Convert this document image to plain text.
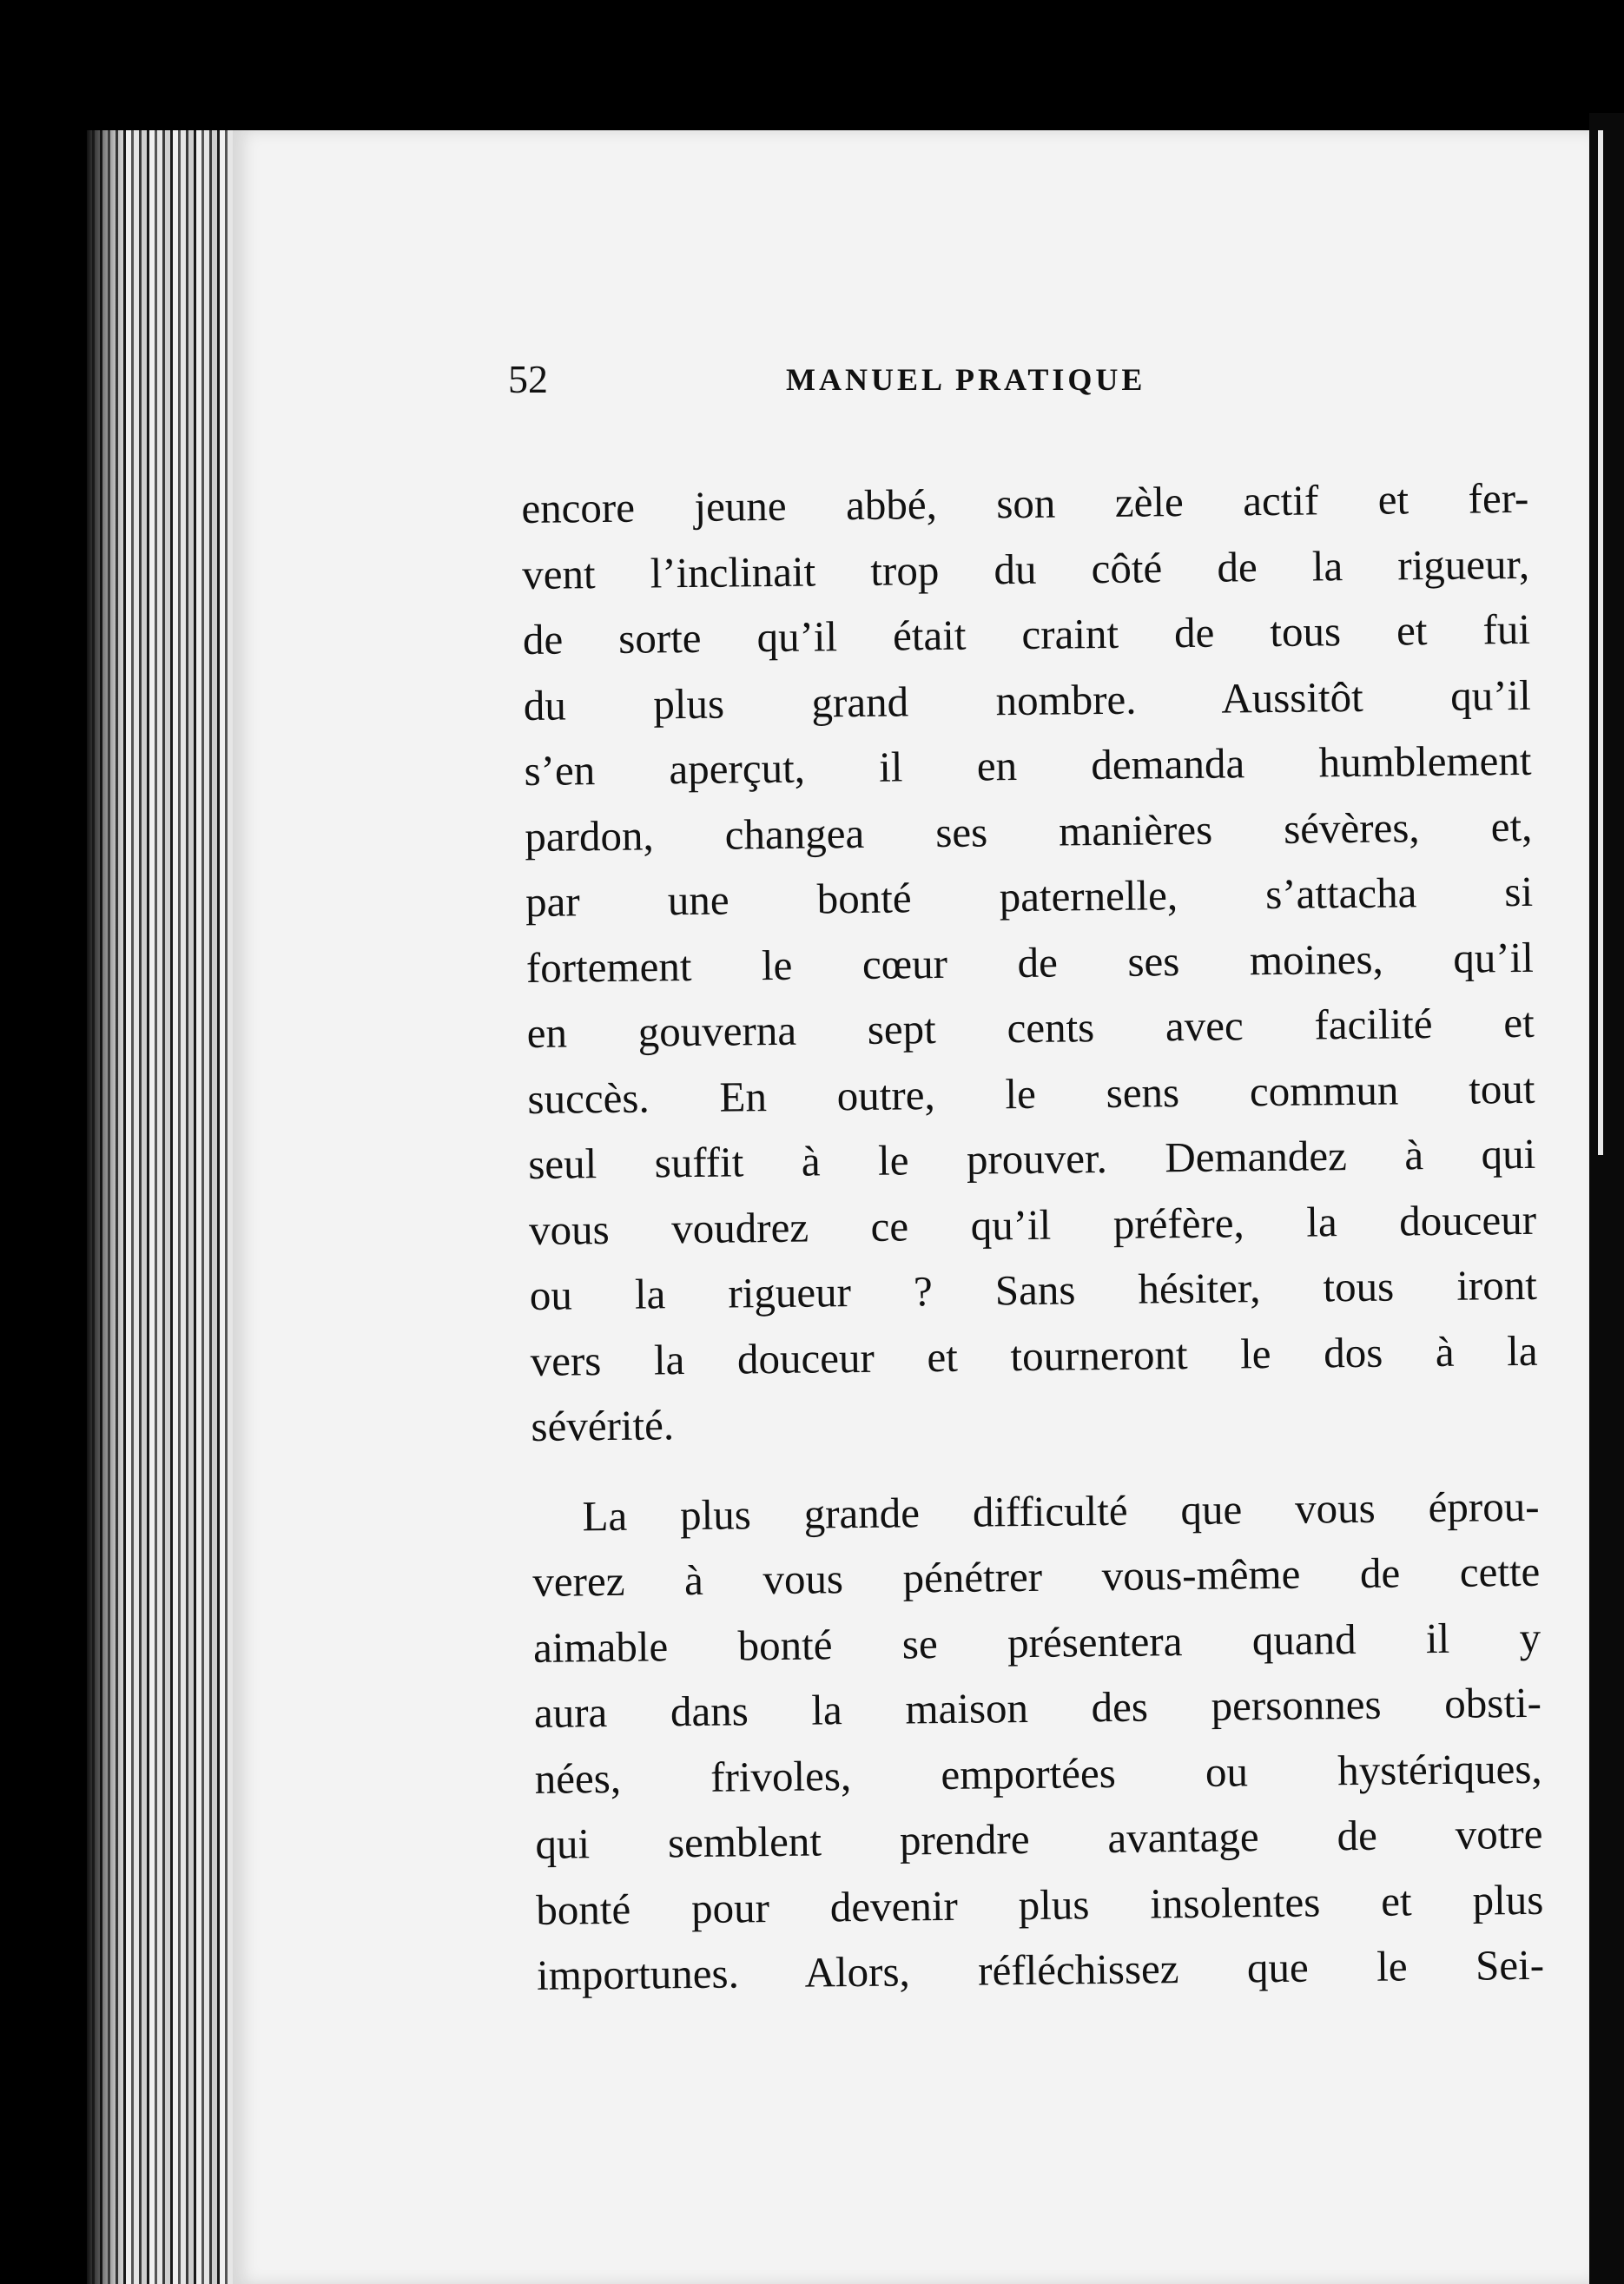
52	MANUEL PRATIQUE
encore jeune abbé, son zèle actif et fer-
vent l’inclinait trop du côté de la rigueur,
de sorte qu’il était craint de tous et fui
du plus grand nombre. Aussitôt qu’il
s’en aperçut, il en demanda humblement
pardon, changea ses manières sévères, et,
par une bonté paternelle, s’attacha si
fortement le cœur de ses moines, qu’il
en gouverna sept cents avec facilité et
succès. En outre, le sens commun tout
seul suffit à le prouver. Demandez à qui
vous voudrez ce qu’il préfère, la douceur
ou la rigueur ? Sans hésiter, tous iront
vers la douceur et tourneront le dos à la
sévérité.
La plus grande difficulté que vous éprou-
verez à vous pénétrer vous-même de cette
aimable bonté se présentera quand il y
aura dans la maison des personnes obsti-
nées, frivoles, emportées ou hystériques,
qui semblent prendre avantage de votre
bonté pour devenir plus insolentes et plus
importunes. Alors, réfléchissez que le Sei-
